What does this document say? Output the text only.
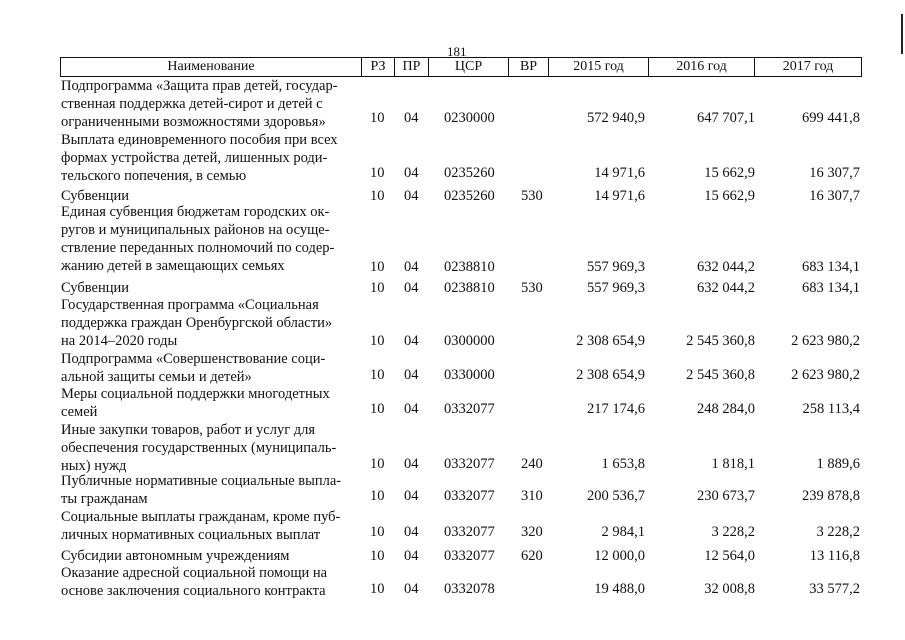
181
Наименование	РЗ	ПР	ЦСР	ВР	2015 год	2016 год	2017 год
Подпрограмма «Защита прав детей, государ-
ственная поддержка детей-сирот и детей с
ограниченными возможностями здоровья»	10 04 0230000	572 940,9	647 707,1	699 441,8
Выплата единовременного пособия при всех
формах устройства детей, лишенных роди-
тельского попечения, в семью	10 04 0235260	14 971,6	15 662,9	16 307,7
Субвенции	10 04 0235260 530	14 971,6	15 662,9	16 307,7
Единая субвенция бюджетам городских ок-
ругов и муниципальных районов на осуще-
ствление переданных полномочий по содер-
жанию детей в замещающих семьях	10 04 0238810	557 969,3	632 044,2	683 134,1
Субвенции	10 04 0238810 530	557 969,3	632 044,2	683 134,1
Государственная программа «Социальная
поддержка граждан Оренбургской области»
на 2014–2020 годы	10 04 0300000	2 308 654,9	2 545 360,8	2 623 980,2
Подпрограмма «Совершенствование соци-
альной защиты семьи и детей»	10 04 0330000	2 308 654,9	2 545 360,8	2 623 980,2
Меры социальной поддержки многодетных
семей	10 04 0332077	217 174,6	248 284,0	258 113,4
Иные закупки товаров, работ и услуг для
обеспечения государственных (муниципаль-
ных) нужд	10 04 0332077 240	1 653,8	1 818,1	1 889,6
Публичные нормативные социальные выпла-
ты гражданам	10 04 0332077 310	200 536,7	230 673,7	239 878,8
Социальные выплаты гражданам, кроме пуб-
личных нормативных социальных выплат	10 04 0332077 320	2 984,1	3 228,2	3 228,2
Субсидии автономным учреждениям	10 04 0332077 620	12 000,0	12 564,0	13 116,8
Оказание адресной социальной помощи на
основе заключения социального контракта	10 04 0332078	19 488,0	32 008,8	33 577,2
